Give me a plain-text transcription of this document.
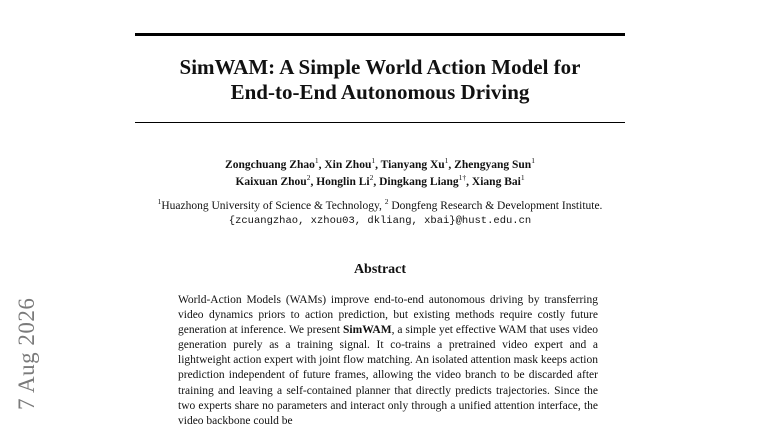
SimWAM: A Simple World Action Model for
End-to-End Autonomous Driving
Zongchuang Zhao$^1$, Xin Zhou$^1$, Tianyang Xu$^1$, Zhengyang Sun$^1$
Kaixuan Zhou$^2$, Honglin Li$^2$, Dingkang Liang$^{1\dagger}$, Xiang Bai$^1$
$^1$Huazhong University of Science & Technology, $^2$ Dongfeng Research & Development Institute.
{zcuangzhao, xzhou03, dkliang, xbai}@hust.edu.cn
Abstract

World-Action Models (WAMs) improve end-to-end autonomous driving by transferring video dynamics priors to action prediction, but existing methods require costly future generation at inference. We present SimWAM, a simple yet effective WAM that uses video generation purely as a training signal. It co-trains a pretrained video expert and a lightweight action expert with joint flow matching. An isolated attention mask keeps action prediction independent of future frames, allowing the video branch to be discarded after training and leaving a self-contained planner that directly predicts trajectories. Since the two experts share no parameters and interact only through a unified attention interface, the video backbone could be

7 Aug 2026
